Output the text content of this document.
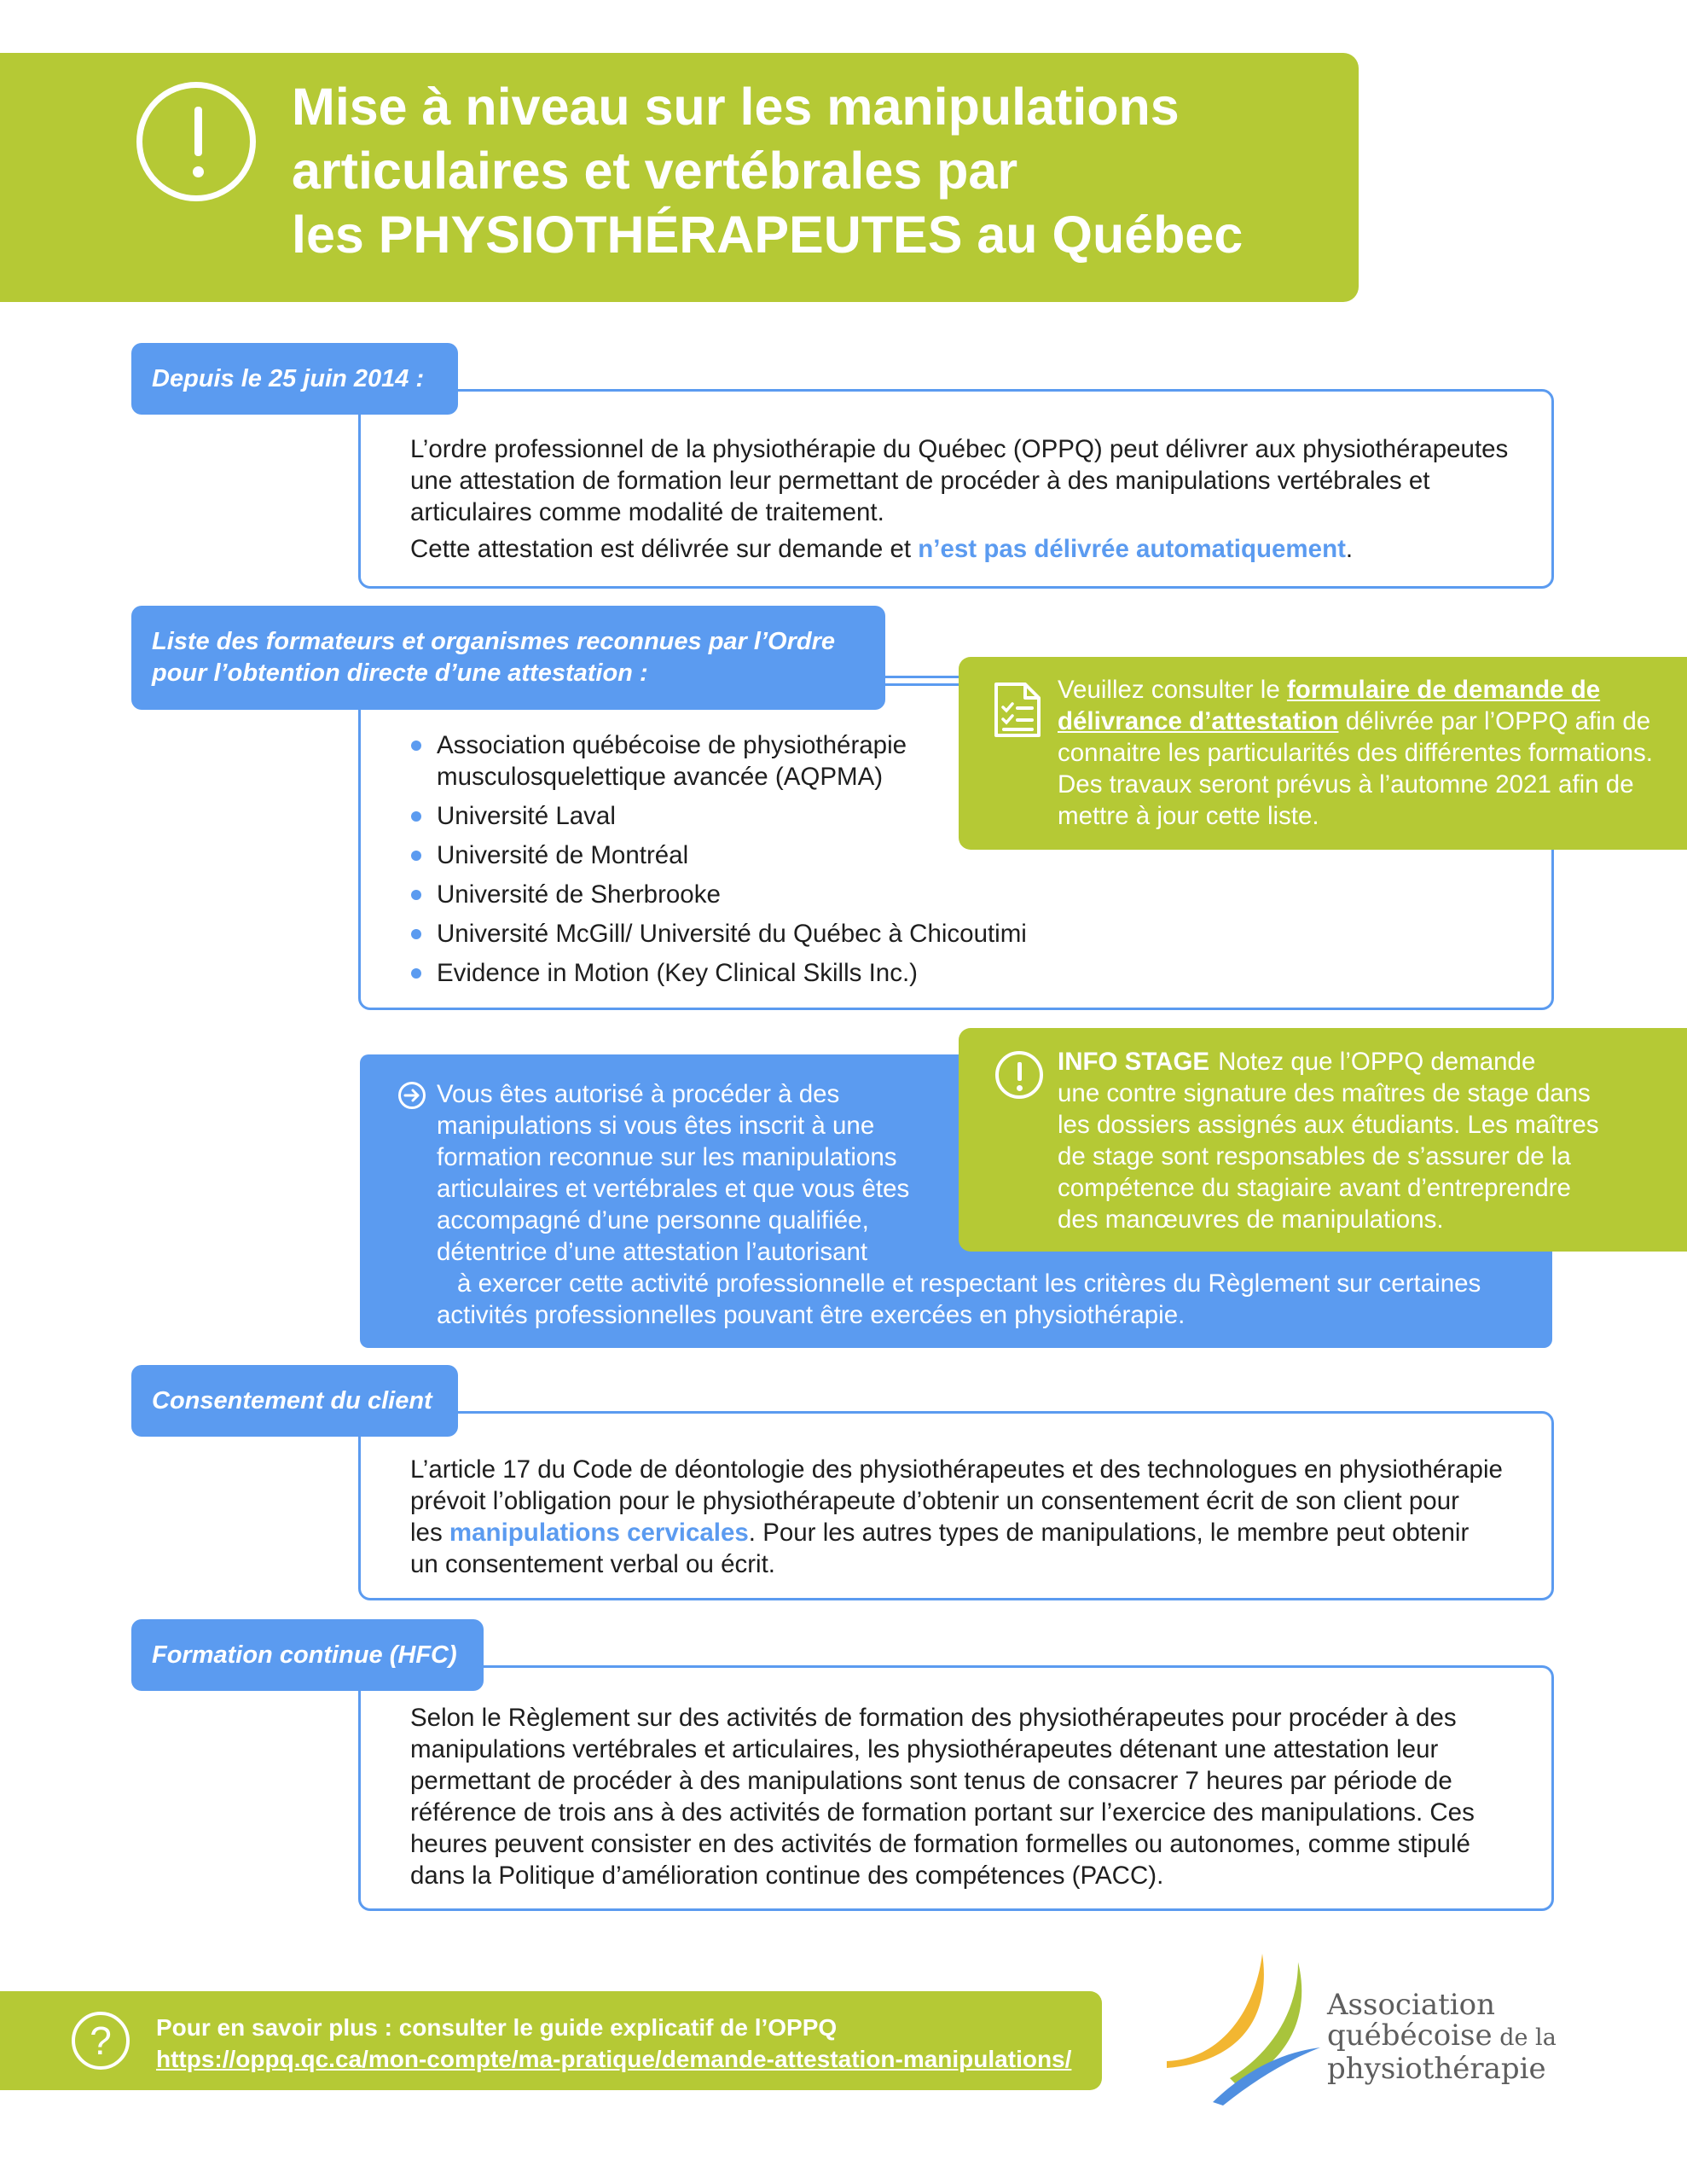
Mise à niveau sur les manipulations
articulaires et vertébrales par
les PHYSIOTHÉRAPEUTES au Québec
Depuis le 25 juin 2014 :

L’ordre professionnel de la physiothérapie du Québec (OPPQ) peut délivrer aux physiothérapeutes une attestation de formation leur permettant de procéder à des manipulations vertébrales et articulaires comme modalité de traitement.

Cette attestation est délivrée sur demande et n’est pas délivrée automatiquement.

Liste des formateurs et organismes reconnues par l’Ordre
pour l’obtention directe d’une attestation :
Association québécoise de physiothérapie musculosquelettique avancée (AQPMA)
Université Laval
Université de Montréal
Université de Sherbrooke
Université McGill/ Université du Québec à Chicoutimi
Evidence in Motion (Key Clinical Skills Inc.)
Veuillez consulter le formulaire de demande de délivrance d’attestation délivrée par l’OPPQ afin de connaitre les particularités des différentes formations. Des travaux seront prévus à l’automne 2021 afin de mettre à jour cette liste.
Vous êtes autorisé à procéder à des
manipulations si vous êtes inscrit à une
formation reconnue sur les manipulations
articulaires et vertébrales et que vous êtes
accompagné d’une personne qualifiée,
détentrice d’une attestation l’autorisant
à exercer cette activité professionnelle et respectant les critères du Règlement sur certaines
activités professionnelles pouvant être exercées en physiothérapie.
INFO STAGE Notez que l’OPPQ demande
une contre signature des maîtres de stage dans
les dossiers assignés aux étudiants. Les maîtres
de stage sont responsables de s’assurer de la
compétence du stagiaire avant d’entreprendre
des manœuvres de manipulations.
Consentement du client
L’article 17 du Code de déontologie des physiothérapeutes et des technologues en physiothérapie
prévoit l’obligation pour le physiothérapeute d’obtenir un consentement écrit de son client pour
les manipulations cervicales. Pour les autres types de manipulations, le membre peut obtenir
un consentement verbal ou écrit.
Formation continue (HFC)
Selon le Règlement sur des activités de formation des physiothérapeutes pour procéder à des
manipulations vertébrales et articulaires, les physiothérapeutes détenant une attestation leur
permettant de procéder à des manipulations sont tenus de consacrer 7 heures par période de
référence de trois ans à des activités de formation portant sur l’exercice des manipulations. Ces
heures peuvent consister en des activités de formation formelles ou autonomes, comme stipulé
dans la Politique d’amélioration continue des compétences (PACC).
?	Pour en savoir plus : consulter le guide explicatif de l’OPPQ
https://oppq.qc.ca/mon-compte/ma-pratique/demande-attestation-manipulations/
Association
québécoise de la
physiothérapie
